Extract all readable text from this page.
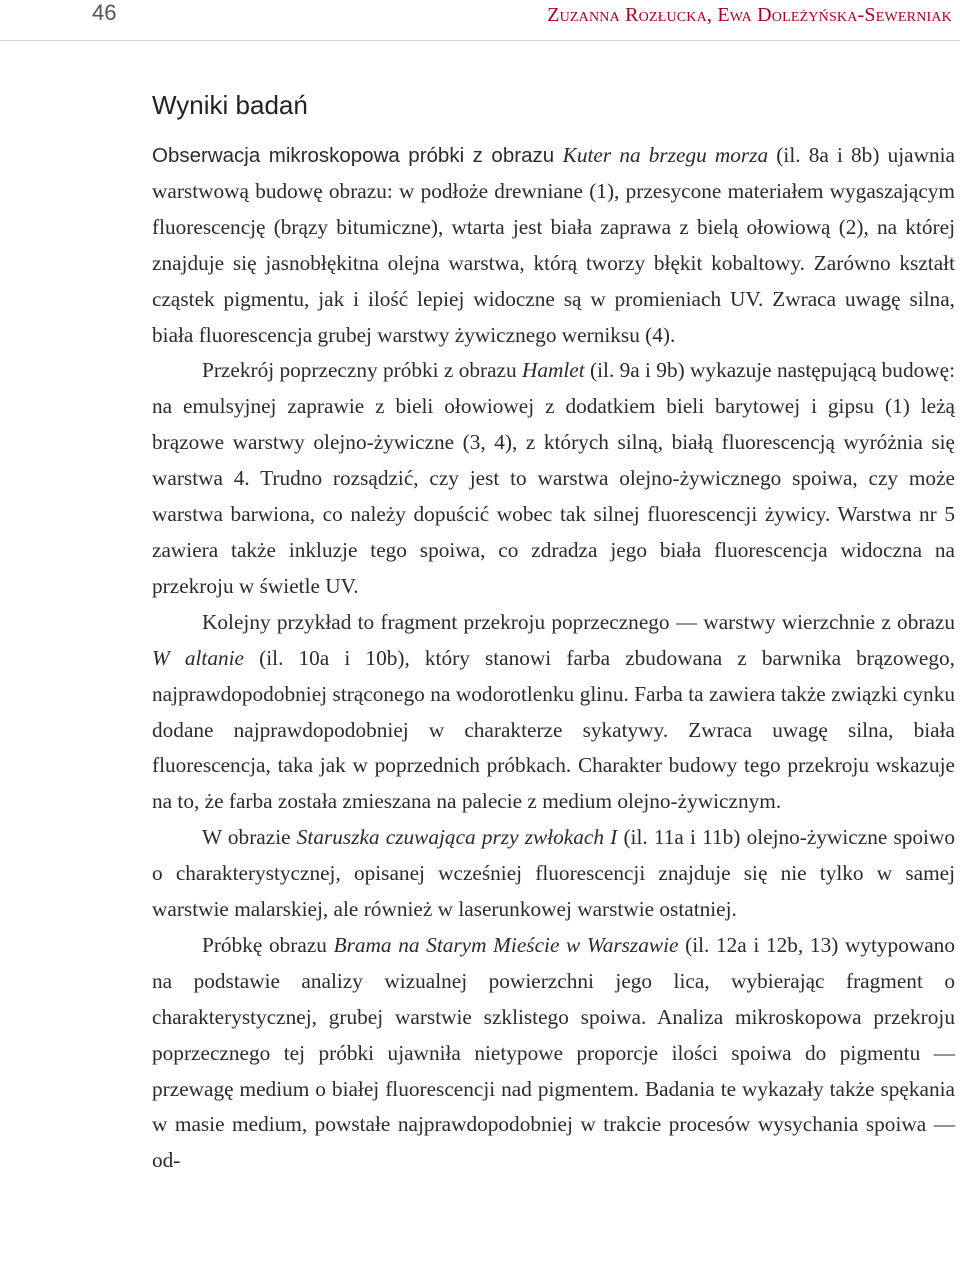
46	Zuzanna Rozłucka, Ewa Doleżyńska-Sewerniak
Wyniki badań

Obserwacja mikroskopowa próbki z obrazu Kuter na brzegu morza (il. 8a i 8b) ujawnia warstwową budowę obrazu: w podłoże drewniane (1), przesycone materiałem wygaszającym fluorescencję (brązy bitumiczne), wtarta jest biała zaprawa z bielą ołowiową (2), na której znajduje się jasnobłękitna olejna warstwa, którą tworzy błękit kobaltowy. Zarówno kształt cząstek pigmentu, jak i ilość lepiej widoczne są w promieniach UV. Zwraca uwagę silna, biała fluorescencja grubej warstwy żywicznego werniksu (4).

Przekrój poprzeczny próbki z obrazu Hamlet (il. 9a i 9b) wykazuje następującą budowę: na emulsyjnej zaprawie z bieli ołowiowej z dodatkiem bieli barytowej i gipsu (1) leżą brązowe warstwy olejno-żywiczne (3, 4), z których silną, białą fluorescencją wyróżnia się warstwa 4. Trudno rozsądzić, czy jest to warstwa olejno-żywicznego spoiwa, czy może warstwa barwiona, co należy dopuścić wobec tak silnej fluorescencji żywicy. Warstwa nr 5 zawiera także inkluzje tego spoiwa, co zdradza jego biała fluorescencja widoczna na przekroju w świetle UV.

Kolejny przykład to fragment przekroju poprzecznego — warstwy wierzchnie z obrazu W altanie (il. 10a i 10b), który stanowi farba zbudowana z barwnika brązowego, najprawdopodobniej strąconego na wodorotlenku glinu. Farba ta zawiera także związki cynku dodane najprawdopodobniej w charakterze sykatywy. Zwraca uwagę silna, biała fluorescencja, taka jak w poprzednich próbkach. Charakter budowy tego przekroju wskazuje na to, że farba została zmieszana na palecie z medium olejno-żywicznym.

W obrazie Staruszka czuwająca przy zwłokach I (il. 11a i 11b) olejno-żywiczne spoiwo o charakterystycznej, opisanej wcześniej fluorescencji znajduje się nie tylko w samej warstwie malarskiej, ale również w laserunkowej warstwie ostatniej.

Próbkę obrazu Brama na Starym Mieście w Warszawie (il. 12a i 12b, 13) wytypowano na podstawie analizy wizualnej powierzchni jego lica, wybierając fragment o charakterystycznej, grubej warstwie szklistego spoiwa. Analiza mikroskopowa przekroju poprzecznego tej próbki ujawniła nietypowe proporcje ilości spoiwa do pigmentu — przewagę medium o białej fluorescencji nad pigmentem. Badania te wykazały także spękania w masie medium, powstałe najprawdopodobniej w trakcie procesów wysychania spoiwa — od-
